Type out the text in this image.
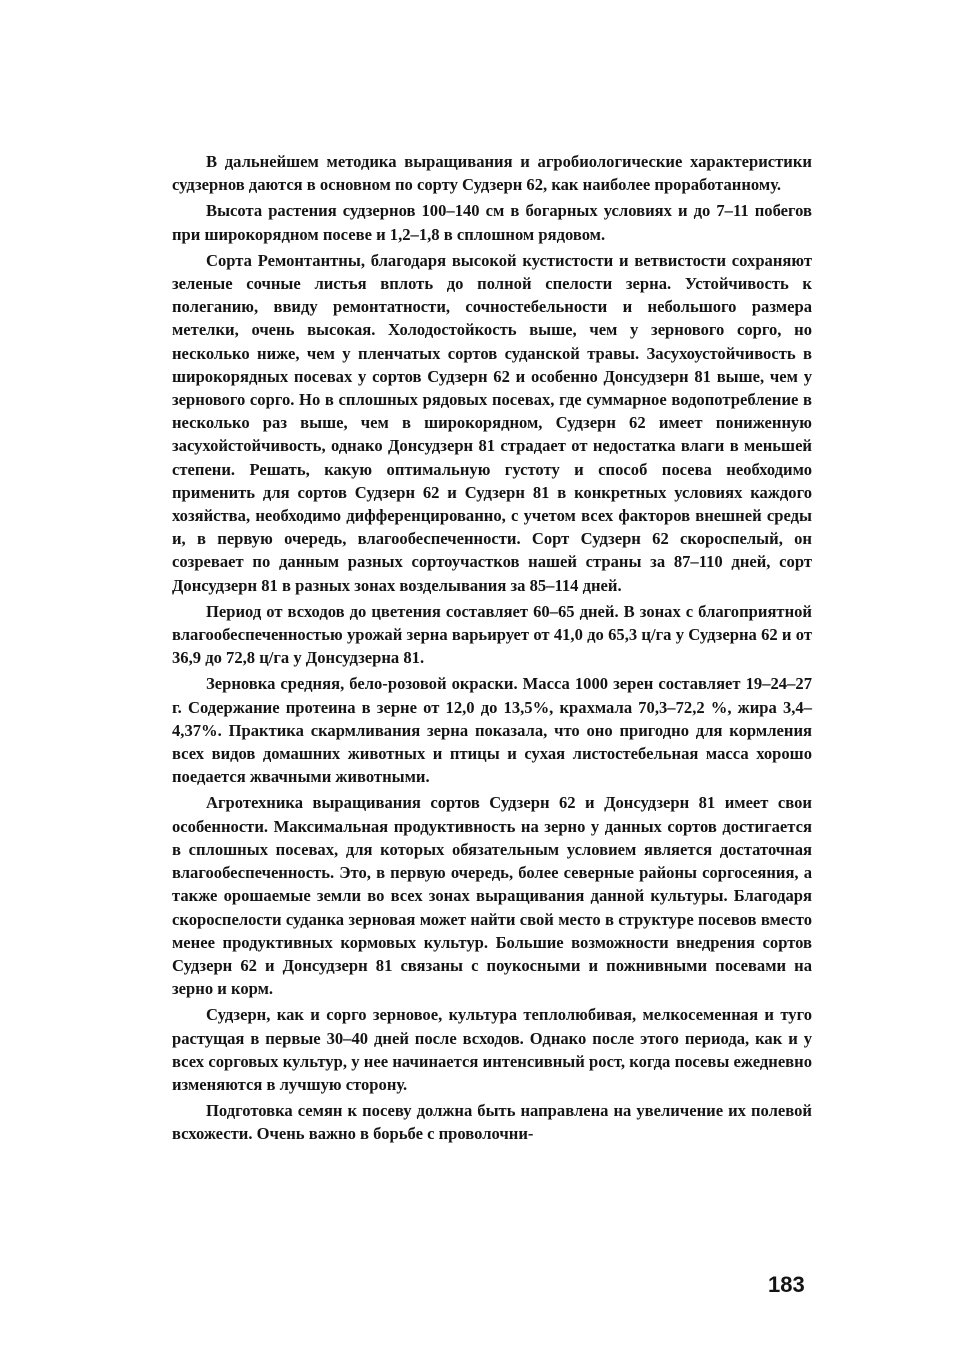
В дальнейшем методика выращивания и агробиологические характеристики судзернов даются в основном по сорту Судзерн 62, как наиболее проработанному.

Высота растения судзернов 100–140 см в богарных условиях и до 7–11 побегов при широкорядном посеве и 1,2–1,8 в сплошном рядовом.

Сорта Ремонтантны, благодаря высокой кустистости и ветвистости сохраняют зеленые сочные листья вплоть до полной спелости зерна. Устойчивость к полеганию, ввиду ремонтатности, сочностебельности и небольшого размера метелки, очень высокая. Холодостойкость выше, чем у зернового сорго, но несколько ниже, чем у пленчатых сортов суданской травы. Засухоустойчивость в широкорядных посевах у сортов Судзерн 62 и особенно Донсудзерн 81 выше, чем у зернового сорго. Но в сплошных рядовых посевах, где суммарное водопотребление в несколько раз выше, чем в широкорядном, Судзерн 62 имеет пониженную засухойстойчивость, однако Донсудзерн 81 страдает от недостатка влаги в меньшей степени. Решать, какую оптимальную густоту и способ посева необходимо применить для сортов Судзерн 62 и Судзерн 81 в конкретных условиях каждого хозяйства, необходимо дифференцированно, с учетом всех факторов внешней среды и, в первую очередь, влагообеспеченности. Сорт Судзерн 62 скороспелый, он созревает по данным разных сортоучастков нашей страны за 87–110 дней, сорт Донсудзерн 81 в разных зонах возделывания за 85–114 дней.

Период от всходов до цветения составляет 60–65 дней. В зонах с благоприятной влагообеспеченностью урожай зерна варьирует от 41,0 до 65,3 ц/га у Судзерна 62 и от 36,9 до 72,8 ц/га у Донсудзерна 81.

Зерновка средняя, бело-розовой окраски. Масса 1000 зерен составляет 19–24–27 г. Содержание протеина в зерне от 12,0 до 13,5%, крахмала 70,3–72,2 %, жира 3,4–4,37%. Практика скармливания зерна показала, что оно пригодно для кормления всех видов домашних животных и птицы и сухая листостебельная масса хорошо поедается жвачными животными.

Агротехника выращивания сортов Судзерн 62 и Донсудзерн 81 имеет свои особенности. Максимальная продуктивность на зерно у данных сортов достигается в сплошных посевах, для которых обязательным условием является достаточная влагообеспеченность. Это, в первую очередь, более северные районы соргосеяния, а также орошаемые земли во всех зонах выращивания данной культуры. Благодаря скороспелости суданка зерновая может найти свой место в структуре посевов вместо менее продуктивных кормовых культур. Большие возможности внедрения сортов Судзерн 62 и Донсудзерн 81 связаны с поукосными и пожнивными посевами на зерно и корм.

Судзерн, как и сорго зерновое, культура теплолюбивая, мелкосеменная и туго растущая в первые 30–40 дней после всходов. Однако после этого периода, как и у всех сорговых культур, у нее начинается интенсивный рост, когда посевы ежедневно изменяются в лучшую сторону.

Подготовка семян к посеву должна быть направлена на увеличение их полевой всхожести. Очень важно в борьбе с проволочни-

183
